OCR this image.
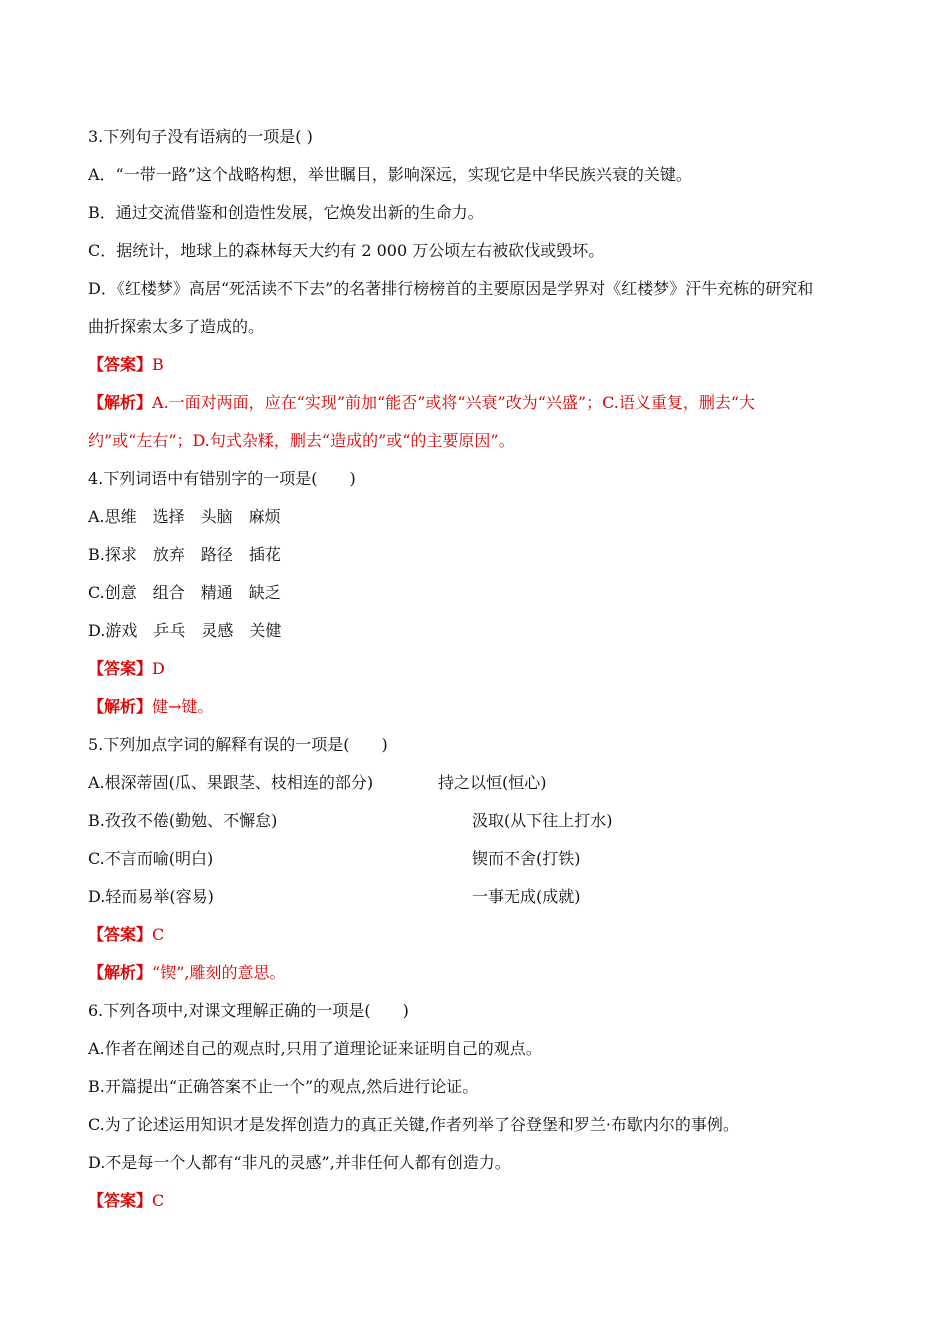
3.下列句子没有语病的一项是( )
A．“一带一路”这个战略构想，举世瞩目，影响深远，实现它是中华民族兴衰的关键。
B．通过交流借鉴和创造性发展，它焕发出新的生命力。
C．据统计，地球上的森林每天大约有 2 000 万公顷左右被砍伐或毁坏。
D．《红楼梦》高居“死活读不下去”的名著排行榜榜首的主要原因是学界对《红楼梦》汗牛充栋的研究和
曲折探索太多了造成的。
【答案】B
【解析】A.一面对两面，应在“实现”前加“能否”或将“兴衰”改为“兴盛”；C.语义重复，删去“大
约”或“左右”；D.句式杂糅，删去“造成的”或“的主要原因”。
4.下列词语中有错别字的一项是(　　)
A.思维　选择　头脑　麻烦
B.探求　放弃　路径　插花
C.创意　组合　精通　缺乏
D.游戏　乒乓　灵感　关健
【答案】D
【解析】健→键。
5.下列加点字词的解释有误的一项是(　　)
A.根深蒂固(瓜、果跟茎、枝相连的部分)	持之以恒(恒心)
B.孜孜不倦(勤勉、不懈怠)	汲取(从下往上打水)
C.不言而喻(明白)	锲而不舍(打铁)
D.轻而易举(容易)	一事无成(成就)
【答案】C
【解析】“锲”,雕刻的意思。
6.下列各项中,对课文理解正确的一项是(　　)
A.作者在阐述自己的观点时,只用了道理论证来证明自己的观点。
B.开篇提出“正确答案不止一个”的观点,然后进行论证。
C.为了论述运用知识才是发挥创造力的真正关键,作者列举了谷登堡和罗兰·布歇内尔的事例。
D.不是每一个人都有“非凡的灵感”,并非任何人都有创造力。
【答案】C
